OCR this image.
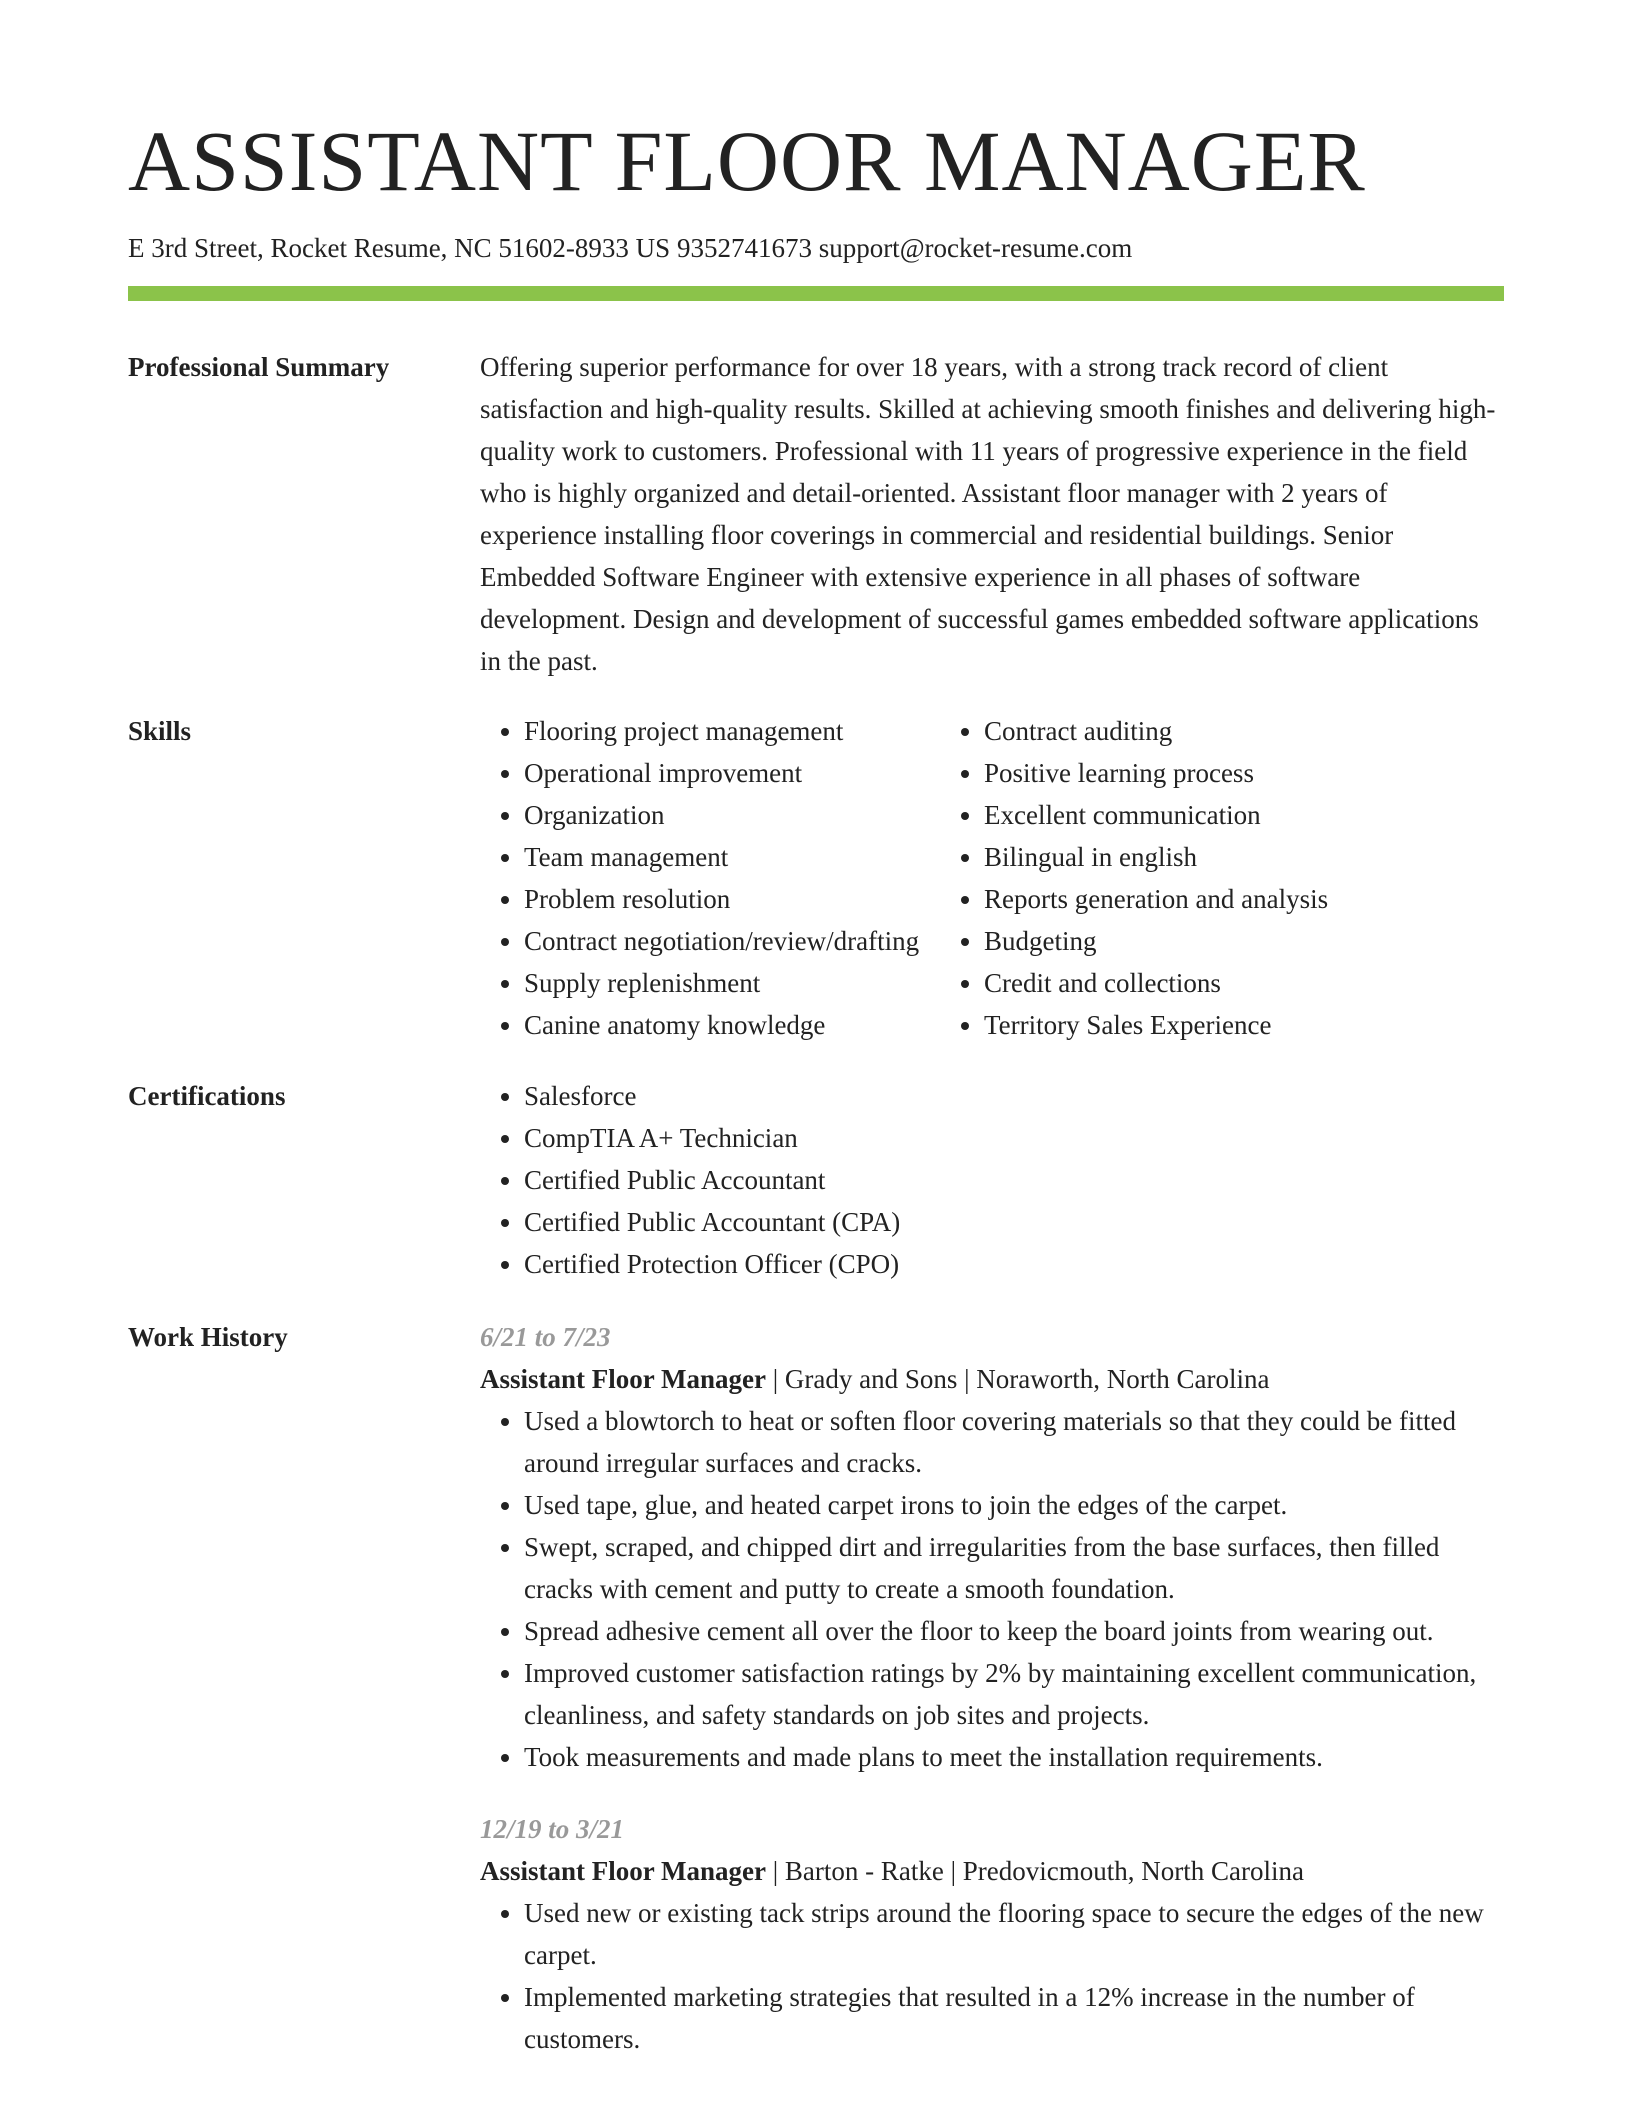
ASSISTANT FLOOR MANAGER

E 3rd Street, Rocket Resume, NC 51602-8933 US 9352741673 support@rocket-resume.com

Professional Summary	Offering superior performance for over 18 years, with a strong track record of client satisfaction and high-quality results. Skilled at achieving smooth finishes and delivering high-quality work to customers. Professional with 11 years of progressive experience in the field who is highly organized and detail-oriented. Assistant floor manager with 2 years of experience installing floor coverings in commercial and residential buildings. Senior Embedded Software Engineer with extensive experience in all phases of software development. Design and development of successful games embedded software applications in the past.

Skills	• Flooring project management
• Operational improvement
• Organization
• Team management
• Problem resolution
• Contract negotiation/review/drafting
• Supply replenishment
• Canine anatomy knowledge
• Contract auditing
• Positive learning process
• Excellent communication
• Bilingual in english
• Reports generation and analysis
• Budgeting
• Credit and collections
• Territory Sales Experience
Certifications	• Salesforce
• CompTIA A+ Technician
• Certified Public Accountant
• Certified Public Accountant (CPA)
• Certified Protection Officer (CPO)
Work History	6/21 to 7/23

Assistant Floor Manager | Grady and Sons | Noraworth, North Carolina

• Used a blowtorch to heat or soften floor covering materials so that they could be fitted around irregular surfaces and cracks.
• Used tape, glue, and heated carpet irons to join the edges of the carpet.
• Swept, scraped, and chipped dirt and irregularities from the base surfaces, then filled cracks with cement and putty to create a smooth foundation.
• Spread adhesive cement all over the floor to keep the board joints from wearing out.
• Improved customer satisfaction ratings by 2% by maintaining excellent communication, cleanliness, and safety standards on job sites and projects.
• Took measurements and made plans to meet the installation requirements.

12/19 to 3/21

Assistant Floor Manager | Barton - Ratke | Predovicmouth, North Carolina

• Used new or existing tack strips around the flooring space to secure the edges of the new carpet.
• Implemented marketing strategies that resulted in a 12% increase in the number of customers.
